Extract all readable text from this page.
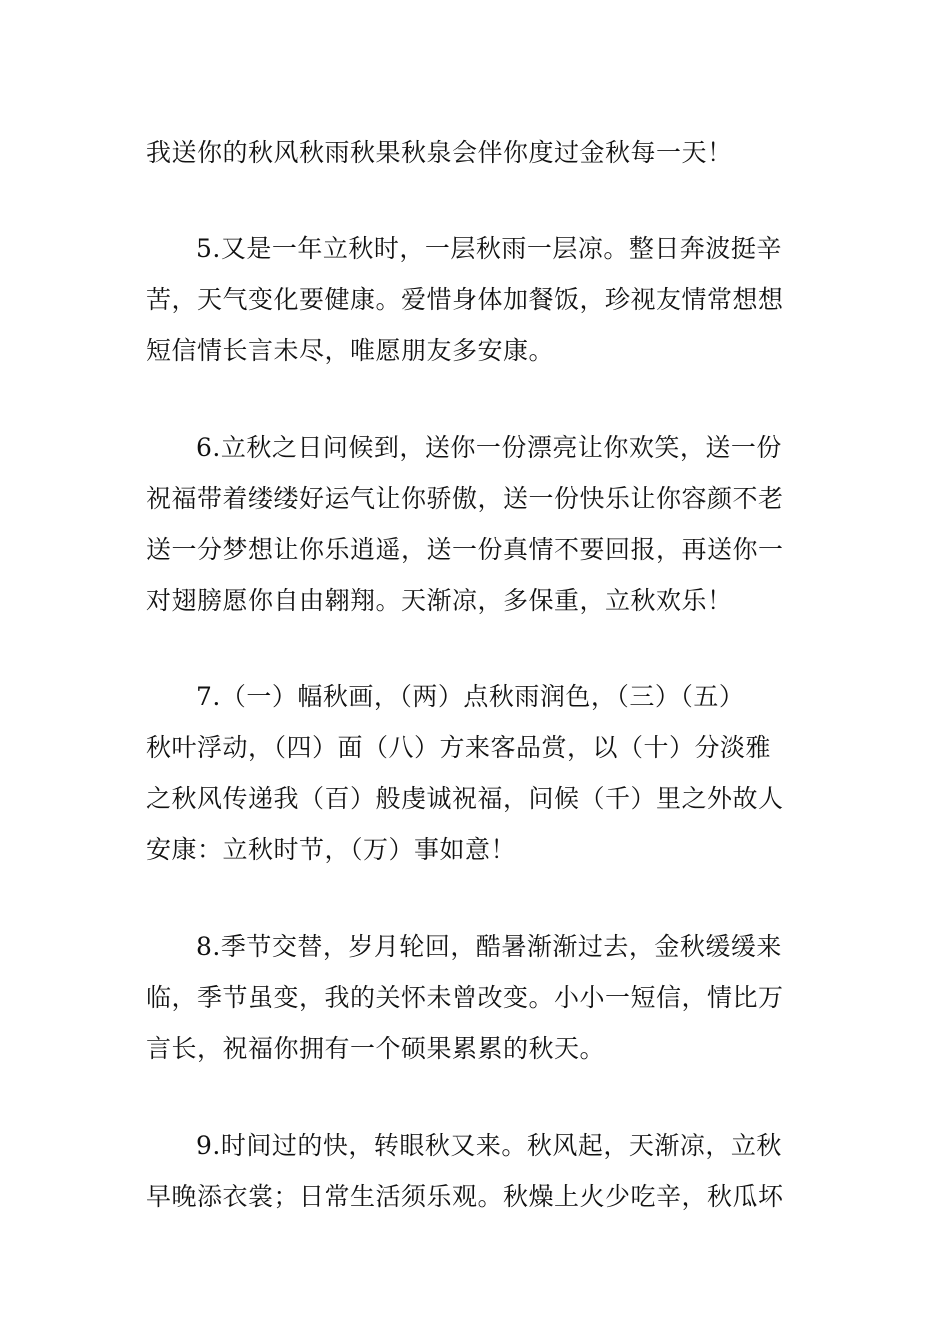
我送你的秋风秋雨秋果秋泉会伴你度过金秋每一天！
5.又是一年立秋时，一层秋雨一层凉。整日奔波挺辛
苦，天气变化要健康。爱惜身体加餐饭，珍视友情常想想
短信情长言未尽，唯愿朋友多安康。
6.立秋之日问候到，送你一份漂亮让你欢笑，送一份
祝福带着缕缕好运气让你骄傲，送一份快乐让你容颜不老
送一分梦想让你乐逍遥，送一份真情不要回报，再送你一
对翅膀愿你自由翱翔。天渐凉，多保重，立秋欢乐！
7.（一）幅秋画，（两）点秋雨润色，（三）（五）
秋叶浮动，（四）面（八）方来客品赏，以（十）分淡雅
之秋风传递我（百）般虔诚祝福，问候（千）里之外故人
安康：立秋时节，（万）事如意！
8.季节交替，岁月轮回，酷暑渐渐过去，金秋缓缓来
临，季节虽变，我的关怀未曾改变。小小一短信，情比万
言长，祝福你拥有一个硕果累累的秋天。
9.时间过的快，转眼秋又来。秋风起，天渐凉，立秋
早晚添衣裳；日常生活须乐观。秋燥上火少吃辛，秋瓜坏
